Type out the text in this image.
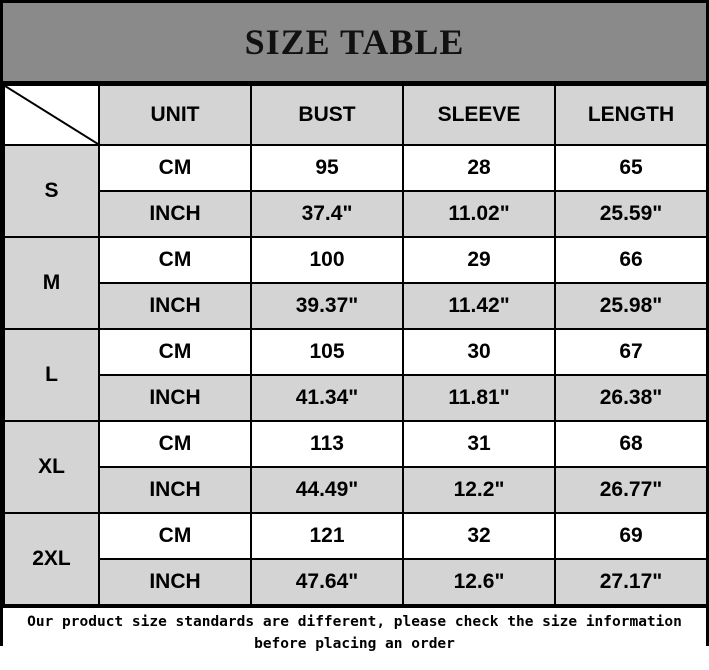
SIZE TABLE
	UNIT	BUST	SLEEVE	LENGTH
S	CM	95	28	65
	INCH	37.4"	11.02"	25.59"
M	CM	100	29	66
	INCH	39.37"	11.42"	25.98"
L	CM	105	30	67
	INCH	41.34"	11.81"	26.38"
XL	CM	113	31	68
	INCH	44.49"	12.2"	26.77"
2XL	CM	121	32	69
	INCH	47.64"	12.6"	27.17"
Our product size standards are different, please check the size information before placing an order
